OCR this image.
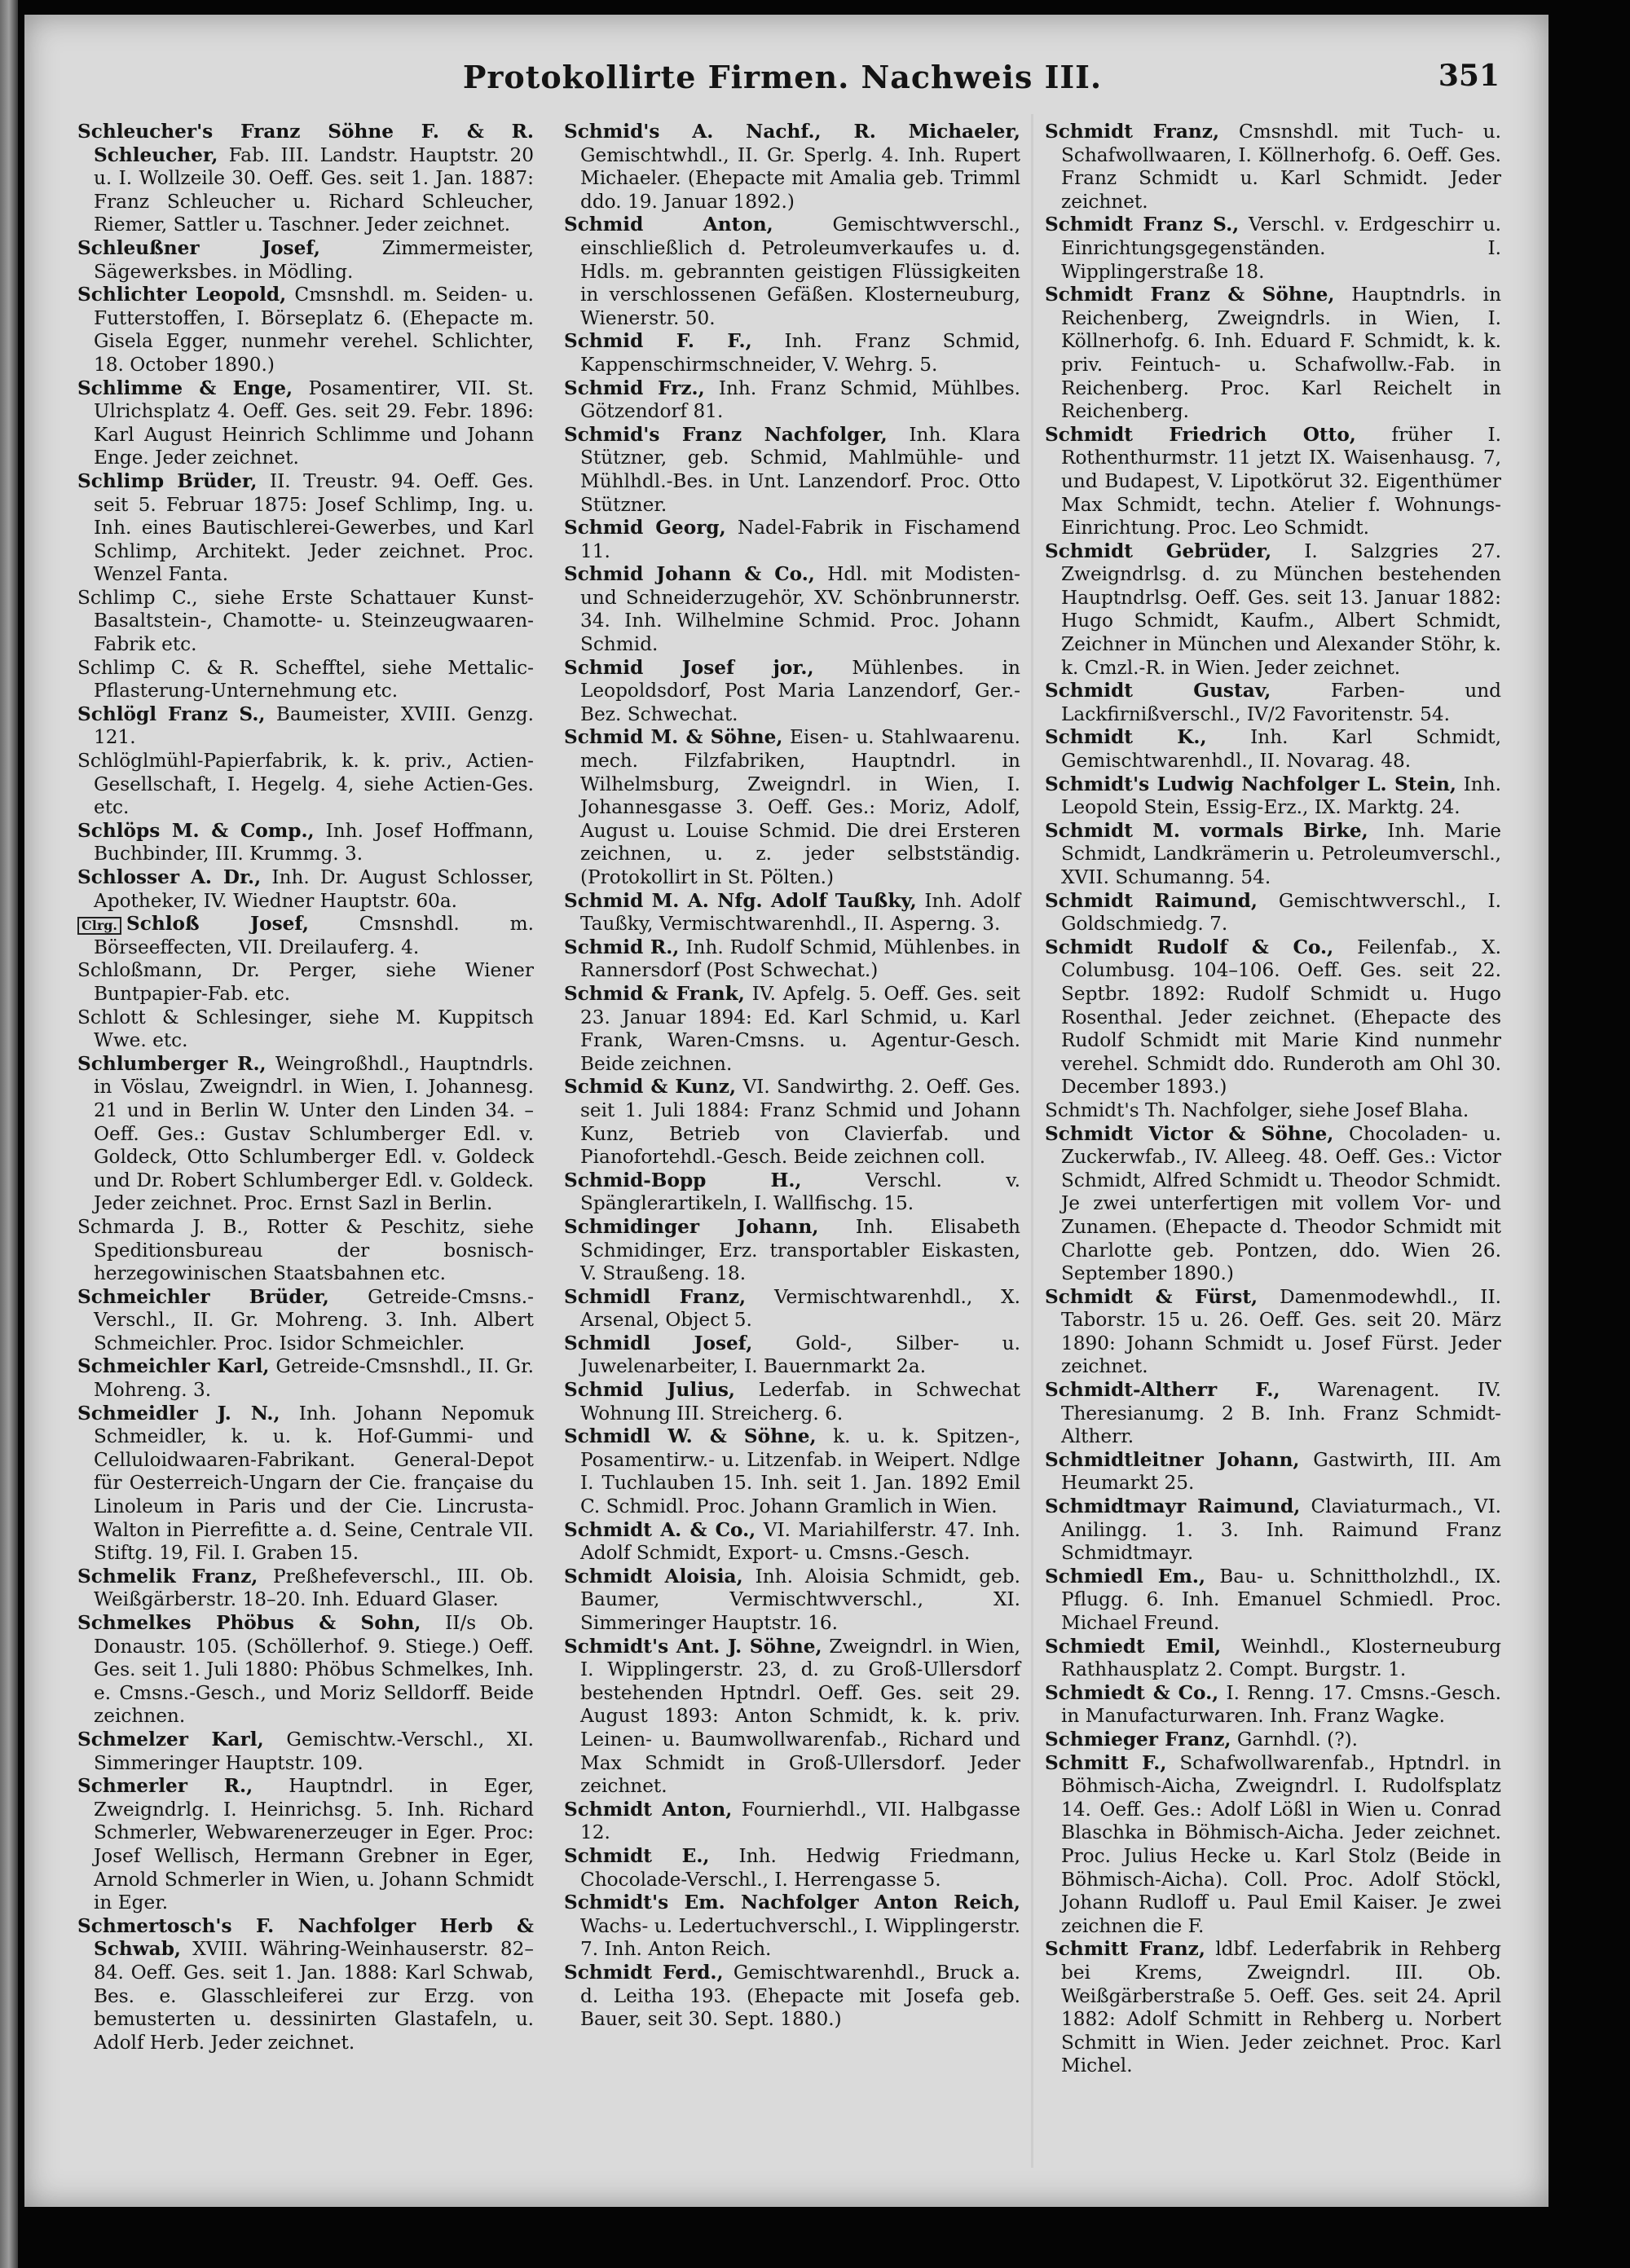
Protokollirte Firmen. Nachweis III.	351

Schleucher's Franz Söhne F. & R. Schleucher, Fab. III. Landstr. Hauptstr. 20 u. I. Wollzeile 30. Oeff. Ges. seit 1. Jan. 1887: Franz Schleucher u. Richard Schleucher, Riemer, Sattler u. Taschner. Jeder zeichnet.

Schleußner Josef,	Zimmermeister, Sägewerksbes. in Mödling.

Schlichter Leopold, Cmsnshdl. m. Seiden- u. Futterstoffen, I. Börseplatz 6. (Ehepacte m. Gisela Egger, nunmehr verehel. Schlichter, 18. October 1890.)

Schlimme & Enge, Posamentirer, VII. St. Ulrichsplatz 4. Oeff. Ges. seit 29. Febr. 1896: Karl August Heinrich Schlimme und Johann Enge. Jeder zeichnet.

Schlimp Brüder, II. Treustr. 94. Oeff. Ges. seit 5. Februar 1875: Josef Schlimp, Ing. u. Inh. eines Bautischlerei-Gewerbes, und Karl Schlimp, Architekt. Jeder zeichnet. Proc. Wenzel Fanta.

Schlimp C., siehe Erste Schattauer Kunst-Basaltstein-, Chamotte- u. Steinzeugwaaren-Fabrik etc.

Schlimp C. & R. Schefftel, siehe Mettalic-Pflasterung-Unternehmung etc.

Schlögl Franz S., Baumeister, XVIII. Genzg. 121.

Schlöglmühl-Papierfabrik, k. k. priv., Actien-Gesellschaft, I. Hegelg. 4, siehe Actien-Ges. etc.

Schlöps M. & Comp., Inh. Josef Hoffmann, Buchbinder, III. Krummg. 3.

Schlosser A. Dr., Inh. Dr. August Schlosser, Apotheker, IV. Wiedner Hauptstr. 60a.

Clrg. Schloß Josef,	Cmsnshdl. m. Börseeffecten, VII. Dreilauferg. 4.

Schloßmann, Dr. Perger, siehe Wiener Buntpapier-Fab. etc.

Schlott & Schlesinger, siehe M. Kuppitsch Wwe. etc.

Schlumberger R., Weingroßhdl., Hauptndrls. in Vöslau, Zweigndrl. in Wien, I. Johannesg. 21 und in Berlin W. Unter den Linden 34. – Oeff. Ges.: Gustav Schlumberger Edl. v. Goldeck, Otto Schlumberger Edl. v. Goldeck und Dr. Robert Schlumberger Edl. v. Goldeck. Jeder zeichnet. Proc. Ernst Sazl in Berlin.

Schmarda J. B., Rotter & Peschitz, siehe Speditionsbureau der bosnisch-herzegowinischen Staatsbahnen etc.

Schmeichler Brüder, Getreide-Cmsns.-Verschl., II. Gr. Mohreng. 3. Inh. Albert Schmeichler. Proc. Isidor Schmeichler.

Schmeichler Karl, Getreide-Cmsnshdl., II. Gr. Mohreng. 3.

Schmeidler J. N., Inh. Johann Nepomuk Schmeidler, k. u. k. Hof-Gummi- und Celluloidwaaren-Fabrikant. General-Depot für Oesterreich-Ungarn der Cie. française du Linoleum in Paris und der Cie. Lincrusta-Walton in Pierrefitte a. d. Seine, Centrale VII. Stiftg. 19, Fil. I. Graben 15.

Schmelik Franz, Preßhefeverschl., III. Ob. Weißgärberstr. 18–20. Inh. Eduard Glaser.

Schmelkes Phöbus & Sohn, II/s Ob. Donaustr. 105. (Schöllerhof. 9. Stiege.) Oeff. Ges. seit 1. Juli 1880: Phöbus Schmelkes, Inh. e. Cmsns.-Gesch., und Moriz Selldorff. Beide zeichnen.

Schmelzer Karl, Gemischtw.-Verschl., XI. Simmeringer Hauptstr. 109.

Schmerler R., Hauptndrl. in Eger, Zweigndrlg. I. Heinrichsg. 5. Inh. Richard Schmerler, Webwarenerzeuger in Eger. Proc: Josef Wellisch, Hermann Grebner in Eger, Arnold Schmerler in Wien, u. Johann Schmidt in Eger.

Schmertosch's F. Nachfolger Herb & Schwab, XVIII. Währing-Weinhauserstr. 82–84. Oeff. Ges. seit 1. Jan. 1888: Karl Schwab, Bes. e. Glasschleiferei zur Erzg. von bemusterten u. dessinirten Glastafeln, u. Adolf Herb. Jeder zeichnet.

Schmid's A. Nachf., R. Michaeler, Gemischtwhdl., II. Gr. Sperlg. 4. Inh. Rupert Michaeler. (Ehepacte mit Amalia geb. Trimml ddo. 19. Januar 1892.)

Schmid Anton,	Gemischtwverschl., einschließlich d. Petroleumverkaufes u. d. Hdls. m. gebrannten geistigen Flüssigkeiten in verschlossenen Gefäßen. Klosterneuburg, Wienerstr. 50.

Schmid F. F., Inh. Franz Schmid, Kappenschirmschneider, V. Wehrg. 5.

Schmid Frz., Inh. Franz Schmid, Mühlbes. Götzendorf 81.

Schmid's Franz Nachfolger, Inh. Klara Stützner, geb. Schmid, Mahlmühle- und Mühlhdl.-Bes. in Unt. Lanzendorf. Proc. Otto Stützner.

Schmid Georg, Nadel-Fabrik in Fischamend 11.

Schmid Johann & Co., Hdl. mit Modisten- und Schneiderzugehör, XV. Schönbrunnerstr. 34. Inh. Wilhelmine Schmid. Proc. Johann Schmid.

Schmid Josef jor., Mühlenbes. in Leopoldsdorf, Post Maria Lanzendorf, Ger.-Bez. Schwechat.

Schmid M. & Söhne, Eisen- u. Stahlwaarenu. mech. Filzfabriken, Hauptndrl. in Wilhelmsburg, Zweigndrl. in Wien, I. Johannesgasse 3. Oeff. Ges.: Moriz, Adolf, August u. Louise Schmid. Die drei Ersteren zeichnen, u. z. jeder selbstständig. (Protokollirt in St. Pölten.)

Schmid M. A. Nfg. Adolf Taußky, Inh. Adolf Taußky, Vermischtwarenhdl., II. Asperng. 3.

Schmid R., Inh. Rudolf Schmid, Mühlenbes. in Rannersdorf (Post Schwechat.)

Schmid & Frank, IV. Apfelg. 5. Oeff. Ges. seit 23. Januar 1894: Ed. Karl Schmid, u. Karl Frank, Waren-Cmsns. u. Agentur-Gesch. Beide zeichnen.

Schmid & Kunz, VI. Sandwirthg. 2. Oeff. Ges. seit 1. Juli 1884: Franz Schmid und Johann Kunz, Betrieb von Clavierfab. und Pianofortehdl.-Gesch. Beide zeichnen coll.

Schmid-Bopp H.,	Verschl. v. Spänglerartikeln, I. Wallfischg. 15.

Schmidinger Johann, Inh. Elisabeth Schmidinger, Erz. transportabler Eiskasten, V. Straußeng. 18.

Schmidl Franz, Vermischtwarenhdl., X. Arsenal, Object 5.

Schmidl Josef, Gold-, Silber- u. Juwelenarbeiter, I. Bauernmarkt 2a.

Schmid Julius, Lederfab. in Schwechat Wohnung III. Streicherg. 6.

Schmidl W. & Söhne, k. u. k. Spitzen-, Posamentirw.- u. Litzenfab. in Weipert. Ndlge I. Tuchlauben 15. Inh. seit 1. Jan. 1892 Emil C. Schmidl. Proc. Johann Gramlich in Wien.

Schmidt A. & Co., VI. Mariahilferstr. 47. Inh. Adolf Schmidt, Export- u. Cmsns.-Gesch.

Schmidt Aloisia, Inh. Aloisia Schmidt, geb. Baumer, Vermischtwverschl., XI. Simmeringer Hauptstr. 16.

Schmidt's Ant. J. Söhne, Zweigndrl. in Wien, I. Wipplingerstr. 23, d. zu Groß-Ullersdorf bestehenden Hptndrl. Oeff. Ges. seit 29. August 1893: Anton Schmidt, k. k. priv. Leinen- u. Baumwollwarenfab., Richard und Max Schmidt in Groß-Ullersdorf. Jeder zeichnet.

Schmidt Anton, Fournierhdl., VII. Halbgasse 12.

Schmidt E., Inh. Hedwig Friedmann, Chocolade-Verschl., I. Herrengasse 5.

Schmidt's Em. Nachfolger Anton Reich, Wachs- u. Ledertuchverschl., I. Wipplingerstr. 7. Inh. Anton Reich.

Schmidt Ferd., Gemischtwarenhdl., Bruck a. d. Leitha 193. (Ehepacte mit Josefa geb. Bauer, seit 30. Sept. 1880.)

Schmidt Franz, Cmsnshdl. mit Tuch- u. Schafwollwaaren, I. Köllnerhofg. 6. Oeff. Ges. Franz Schmidt u. Karl Schmidt. Jeder zeichnet.

Schmidt Franz S., Verschl. v. Erdgeschirr u. Einrichtungsgegenständen. I. Wipplingerstraße 18.

Schmidt Franz & Söhne, Hauptndrls. in Reichenberg, Zweigndrls. in Wien, I. Köllnerhofg. 6. Inh. Eduard F. Schmidt, k. k. priv. Feintuch- u. Schafwollw.-Fab. in Reichenberg. Proc. Karl Reichelt in Reichenberg.

Schmidt Friedrich Otto, früher I. Rothenthurmstr. 11 jetzt IX. Waisenhausg. 7, und Budapest, V. Lipotkörut 32. Eigenthümer Max Schmidt, techn. Atelier f. Wohnungs-Einrichtung. Proc. Leo Schmidt.

Schmidt Gebrüder, I. Salzgries 27. Zweigndrlsg. d. zu München bestehenden Hauptndrlsg. Oeff. Ges. seit 13. Januar 1882: Hugo Schmidt, Kaufm., Albert Schmidt, Zeichner in München und Alexander Stöhr, k. k. Cmzl.-R. in Wien. Jeder zeichnet.

Schmidt Gustav,	Farben- und Lackfirnißverschl., IV/2 Favoritenstr. 54.

Schmidt K., Inh. Karl Schmidt, Gemischtwarenhdl., II. Novarag. 48.

Schmidt's Ludwig Nachfolger L. Stein, Inh. Leopold Stein, Essig-Erz., IX. Marktg. 24.

Schmidt M. vormals Birke, Inh. Marie Schmidt, Landkrämerin u. Petroleumverschl., XVII. Schumanng. 54.

Schmidt Raimund, Gemischtwverschl., I. Goldschmiedg. 7.

Schmidt Rudolf & Co., Feilenfab., X. Columbusg. 104–106. Oeff. Ges. seit 22. Septbr. 1892: Rudolf Schmidt u. Hugo Rosenthal. Jeder zeichnet. (Ehepacte des Rudolf Schmidt mit Marie Kind nunmehr verehel. Schmidt ddo. Runderoth am Ohl 30. December 1893.)

Schmidt's Th. Nachfolger, siehe Josef Blaha.

Schmidt Victor & Söhne, Chocoladen- u. Zuckerwfab., IV. Alleeg. 48. Oeff. Ges.: Victor Schmidt, Alfred Schmidt u. Theodor Schmidt. Je zwei unterfertigen mit vollem Vor- und Zunamen. (Ehepacte d. Theodor Schmidt mit Charlotte geb. Pontzen, ddo. Wien 26. September 1890.)

Schmidt & Fürst, Damenmodewhdl., II. Taborstr. 15 u. 26. Oeff. Ges. seit 20. März 1890: Johann Schmidt u. Josef Fürst. Jeder zeichnet.

Schmidt-Altherr F., Warenagent. IV. Theresianumg. 2 B. Inh. Franz Schmidt-Altherr.

Schmidtleitner Johann, Gastwirth, III. Am Heumarkt 25.

Schmidtmayr Raimund, Claviaturmach., VI. Anilingg. 1. 3. Inh. Raimund Franz Schmidtmayr.

Schmiedl Em., Bau- u. Schnittholzhdl., IX. Pflugg. 6. Inh. Emanuel Schmiedl. Proc. Michael Freund.

Schmiedt Emil, Weinhdl., Klosterneuburg Rathhausplatz 2. Compt. Burgstr. 1.

Schmiedt & Co., I. Renng. 17. Cmsns.-Gesch. in Manufacturwaren. Inh. Franz Wagke.

Schmieger Franz, Garnhdl. (?).

Schmitt F., Schafwollwarenfab., Hptndrl. in Böhmisch-Aicha, Zweigndrl. I. Rudolfsplatz 14. Oeff. Ges.: Adolf Lößl in Wien u. Conrad Blaschka in Böhmisch-Aicha. Jeder zeichnet. Proc. Julius Hecke u. Karl Stolz (Beide in Böhmisch-Aicha). Coll. Proc. Adolf Stöckl, Johann Rudloff u. Paul Emil Kaiser. Je zwei zeichnen die F.

Schmitt Franz, ldbf. Lederfabrik in Rehberg bei Krems, Zweigndrl. III. Ob. Weißgärberstraße 5. Oeff. Ges. seit 24. April 1882: Adolf Schmitt in Rehberg u. Norbert Schmitt in Wien. Jeder zeichnet. Proc. Karl Michel.
